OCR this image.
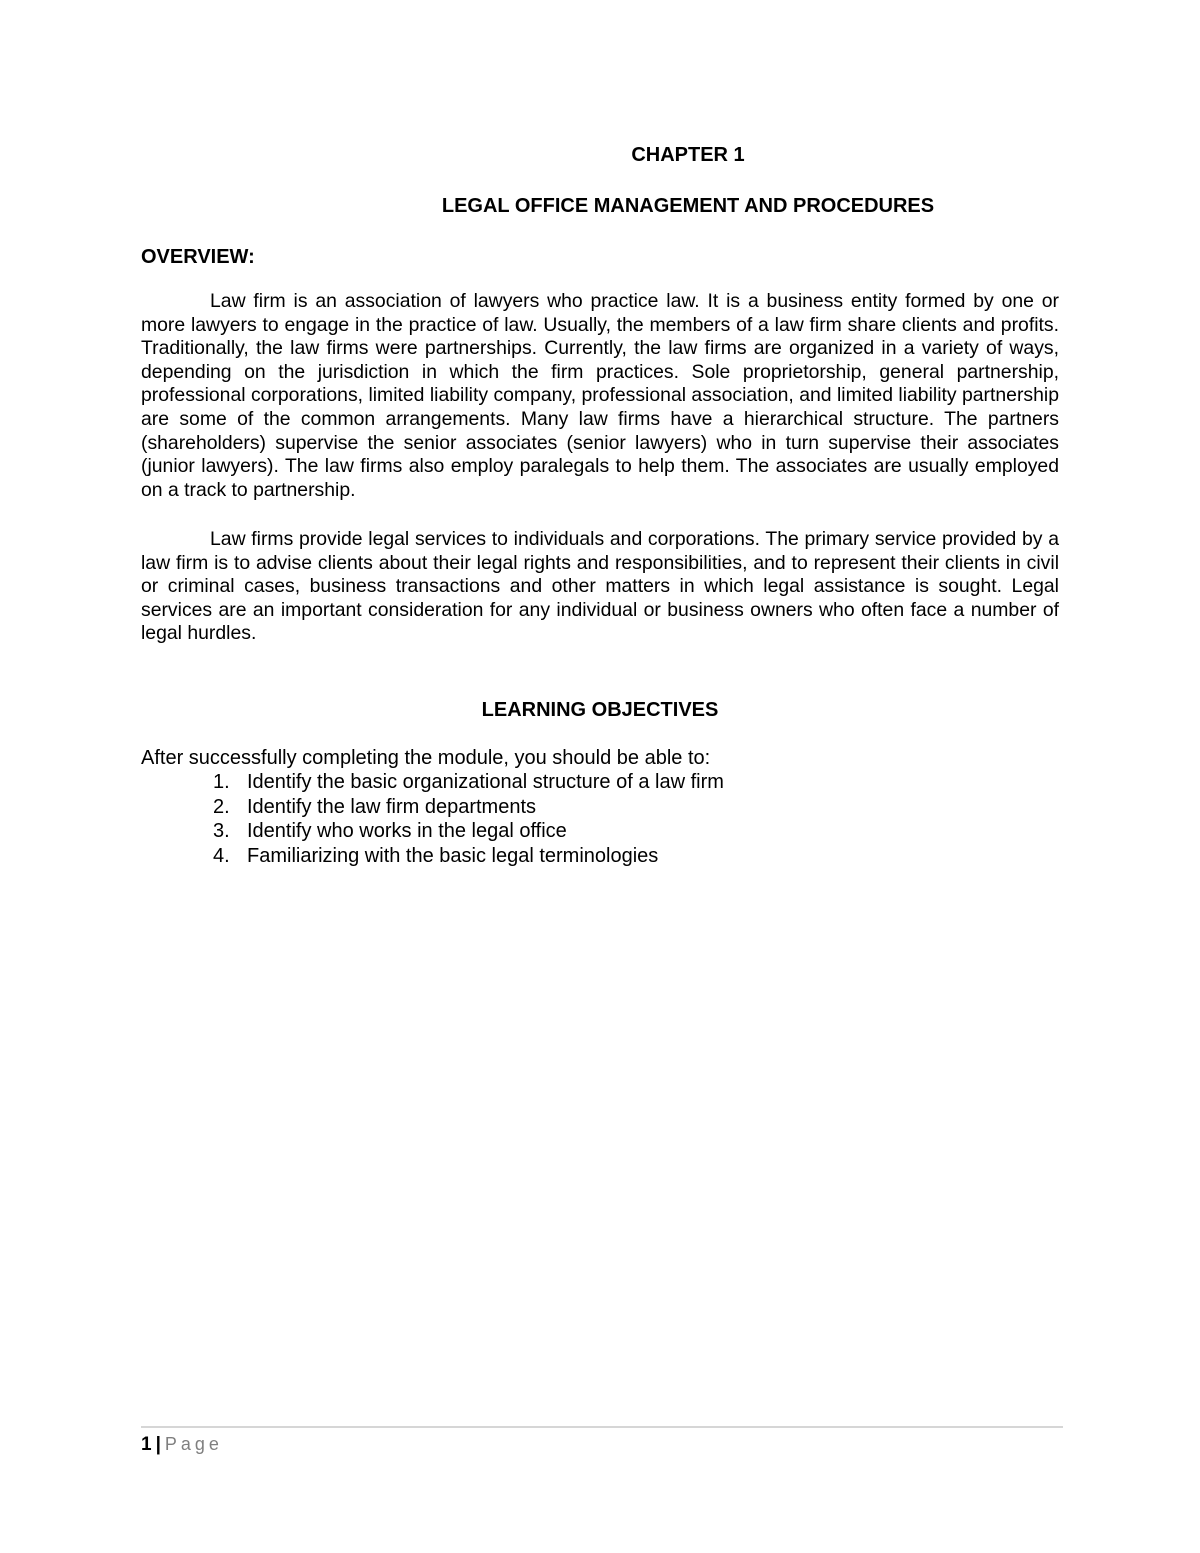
CHAPTER 1
LEGAL OFFICE MANAGEMENT AND PROCEDURES
OVERVIEW:

Law firm is an association of lawyers who practice law. It is a business entity formed by one or more lawyers to engage in the practice of law. Usually, the members of a law firm share clients and profits. Traditionally, the law firms were partnerships. Currently, the law firms are organized in a variety of ways, depending on the jurisdiction in which the firm practices. Sole proprietorship, general partnership, professional corporations, limited liability company, professional association, and limited liability partnership are some of the common arrangements. Many law firms have a hierarchical structure. The partners (shareholders) supervise the senior associates (senior lawyers) who in turn supervise their associates (junior lawyers). The law firms also employ paralegals to help them. The associates are usually employed on a track to partnership.

Law firms provide legal services to individuals and corporations. The primary service provided by a law firm is to advise clients about their legal rights and responsibilities, and to represent their clients in civil or criminal cases, business transactions and other matters in which legal assistance is sought. Legal services are an important consideration for any individual or business owners who often face a number of legal hurdles.

LEARNING OBJECTIVES
After successfully completing the module, you should be able to:
1. Identify the basic organizational structure of a law firm
2. Identify the law firm departments
3. Identify who works in the legal office
4. Familiarizing with the basic legal terminologies
1 | Page
